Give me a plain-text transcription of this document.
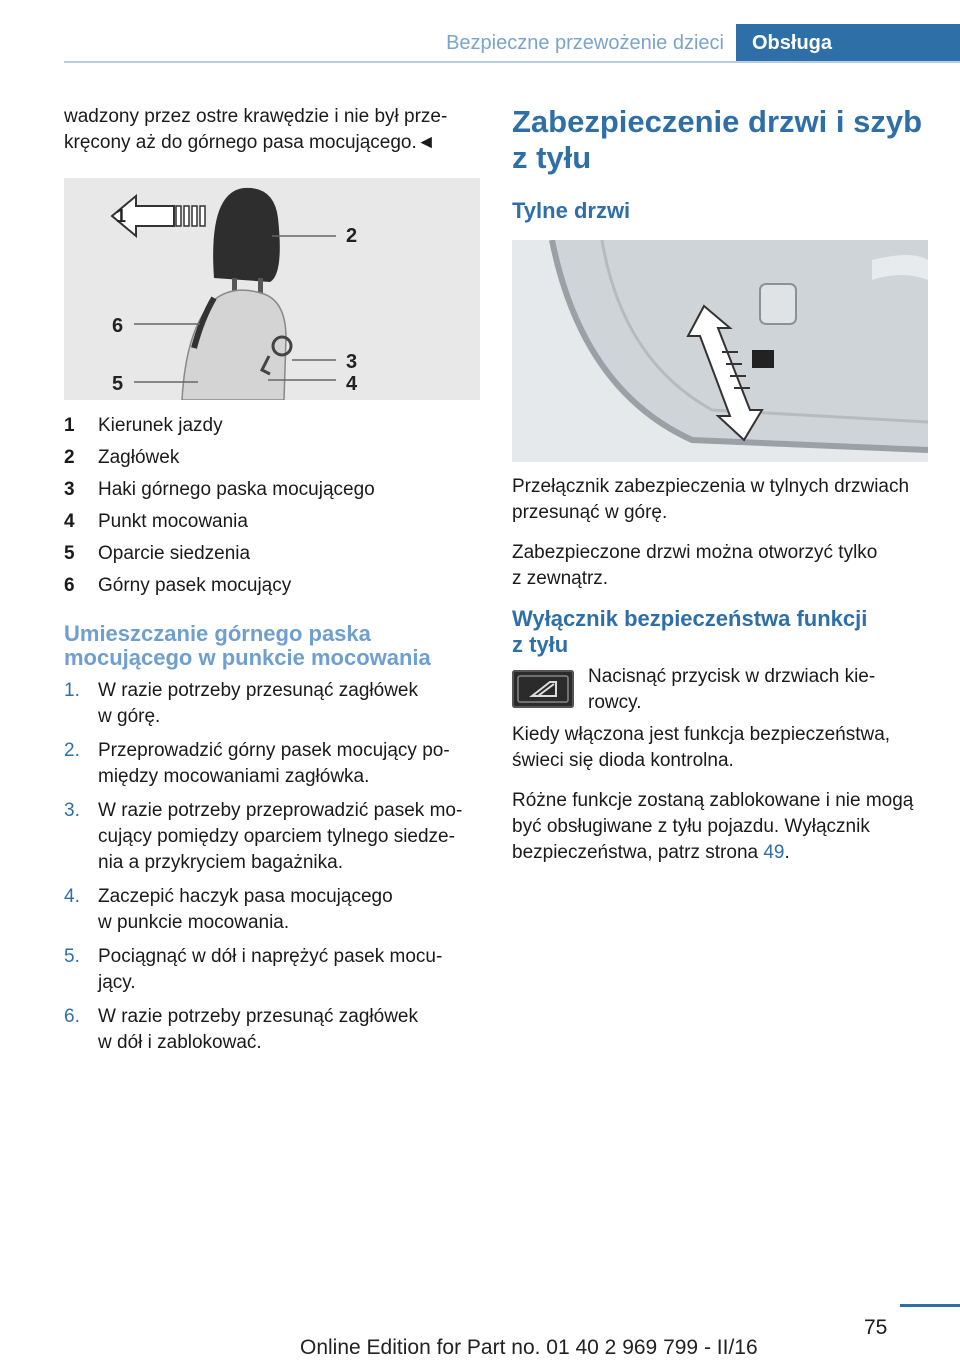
Bezpieczne przewożenie dzieci	Obsługa

wadzony przez ostre krawędzie i nie był prze-

kręcony aż do górnego pasa mocującego.◄

1
2
3
4
5
6
1	Kierunek jazdy
2	Zagłówek
3	Haki górnego paska mocującego
4	Punkt mocowania
5	Oparcie siedzenia
6	Górny pasek mocujący
Umieszczanie górnego paska
mocującego w punkcie mocowania
1. W razie potrzeby przesunąć zagłówek
w górę.
2. Przeprowadzić górny pasek mocujący po-
między mocowaniami zagłówka.
3. W razie potrzeby przeprowadzić pasek mo-
cujący pomiędzy oparciem tylnego siedze-
nia a przykryciem bagażnika.
4. Zaczepić haczyk pasa mocującego
w punkcie mocowania.
5. Pociągnąć w dół i naprężyć pasek mocu-
jący.
6. W razie potrzeby przesunąć zagłówek
w dół i zablokować.
Zabezpieczenie drzwi i szyb
z tyłu
Tylne drzwi

Przełącznik zabezpieczenia w tylnych drzwiach

przesunąć w górę.

Zabezpieczone drzwi można otworzyć tylko

z zewnątrz.

Wyłącznik bezpieczeństwa funkcji
z tyłu

Nacisnąć przycisk w drzwiach kie-

rowcy.

Kiedy włączona jest funkcja bezpieczeństwa,

świeci się dioda kontrolna.

Różne funkcje zostaną zablokowane i nie mogą

być obsługiwane z tyłu pojazdu. Wyłącznik

bezpieczeństwa, patrz strona 49.

75
Online Edition for Part no. 01 40 2 969 799 - II/16
